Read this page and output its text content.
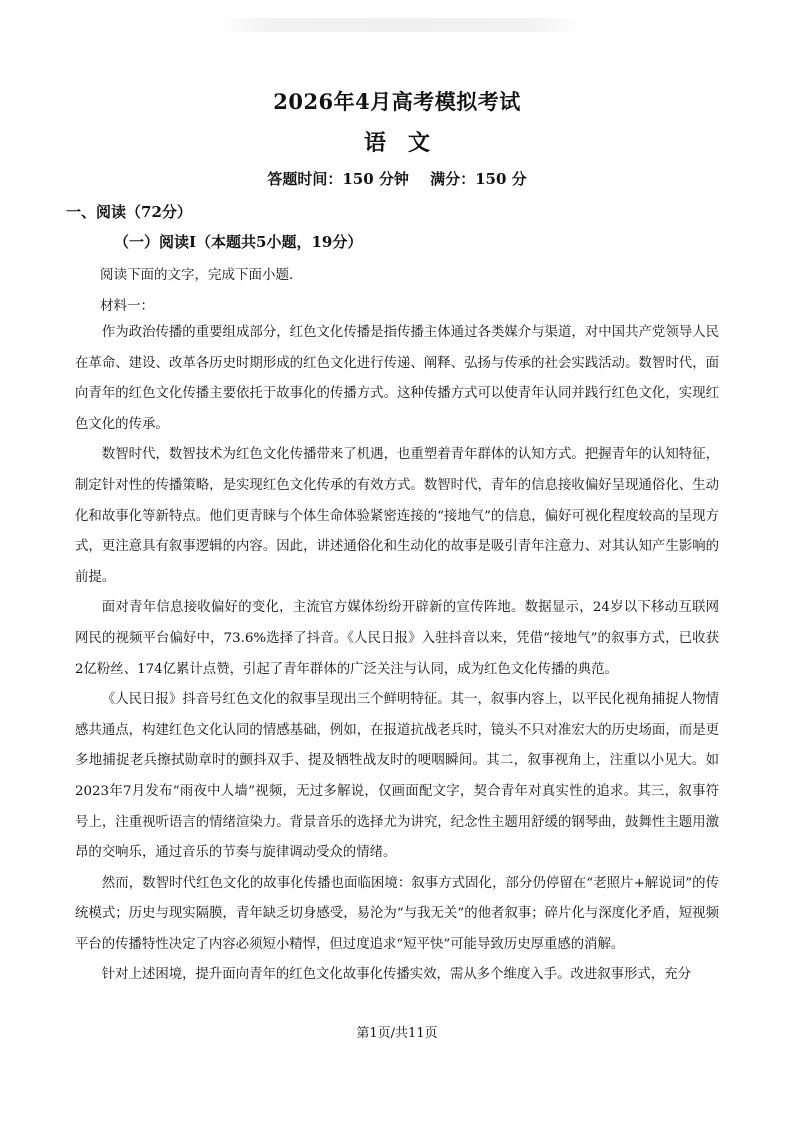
2026年4月高考模拟考试
语文
答题时间：150 分钟 满分：150 分
一、阅读（72分）
（一）阅读Ⅰ（本题共5小题，19分）
阅读下面的文字，完成下面小题．
材料一：

作为政治传播的重要组成部分，红色文化传播是指传播主体通过各类媒介与渠道，对中国共产党领导人民在革命、建设、改革各历史时期形成的红色文化进行传递、阐释、弘扬与传承的社会实践活动。数智时代，面向青年的红色文化传播主要依托于故事化的传播方式。这种传播方式可以使青年认同并践行红色文化，实现红色文化的传承。

数智时代，数智技术为红色文化传播带来了机遇，也重塑着青年群体的认知方式。把握青年的认知特征，制定针对性的传播策略，是实现红色文化传承的有效方式。数智时代，青年的信息接收偏好呈现通俗化、生动化和故事化等新特点。他们更青睐与个体生命体验紧密连接的“接地气”的信息，偏好可视化程度较高的呈现方式，更注意具有叙事逻辑的内容。因此，讲述通俗化和生动化的故事是吸引青年注意力、对其认知产生影响的前提。

面对青年信息接收偏好的变化，主流官方媒体纷纷开辟新的宣传阵地。数据显示，24岁以下移动互联网网民的视频平台偏好中，73.6%选择了抖音。《人民日报》入驻抖音以来，凭借“接地气”的叙事方式，已收获2亿粉丝、174亿累计点赞，引起了青年群体的广泛关注与认同，成为红色文化传播的典范。

《人民日报》抖音号红色文化的叙事呈现出三个鲜明特征。其一，叙事内容上，以平民化视角捕捉人物情感共通点，构建红色文化认同的情感基础，例如，在报道抗战老兵时，镜头不只对准宏大的历史场面，而是更多地捕捉老兵擦拭勋章时的颤抖双手、提及牺牲战友时的哽咽瞬间。其二，叙事视角上，注重以小见大。如2023年7月发布“雨夜中人墙”视频，无过多解说，仅画面配文字，契合青年对真实性的追求。其三，叙事符号上，注重视听语言的情绪渲染力。背景音乐的选择尤为讲究，纪念性主题用舒缓的钢琴曲，鼓舞性主题用激昂的交响乐，通过音乐的节奏与旋律调动受众的情绪。

然而，数智时代红色文化的故事化传播也面临困境：叙事方式固化，部分仍停留在“老照片+解说词”的传统模式；历史与现实隔膜，青年缺乏切身感受，易沦为“与我无关”的他者叙事；碎片化与深度化矛盾，短视频平台的传播特性决定了内容必须短小精悍，但过度追求“短平快”可能导致历史厚重感的消解。

针对上述困境，提升面向青年的红色文化故事化传播实效，需从多个维度入手。改进叙事形式，充分

第1页/共11页
